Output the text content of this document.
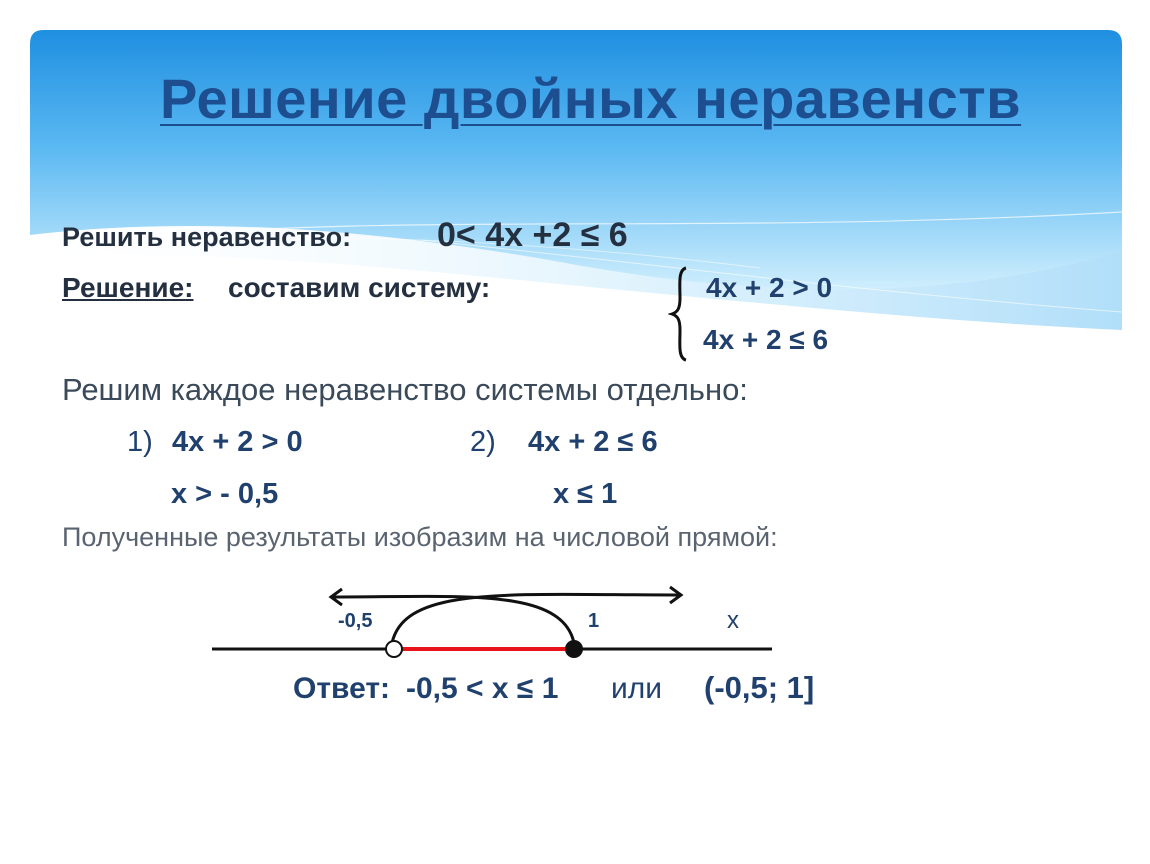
Решение двойных неравенств
Решить неравенство:	0< 4x +2 ≤ 6
Решение: составим систему:	4x + 2 > 0
4x + 2 ≤ 6
Решим каждое неравенство системы отдельно:
1) 4x + 2 > 0	2) 4x + 2 ≤ 6
x > - 0,5	x ≤ 1
Полученные результаты изобразим на числовой прямой:
-0,5	1	x
Ответ: -0,5 < x ≤ 1 или (-0,5; 1]
